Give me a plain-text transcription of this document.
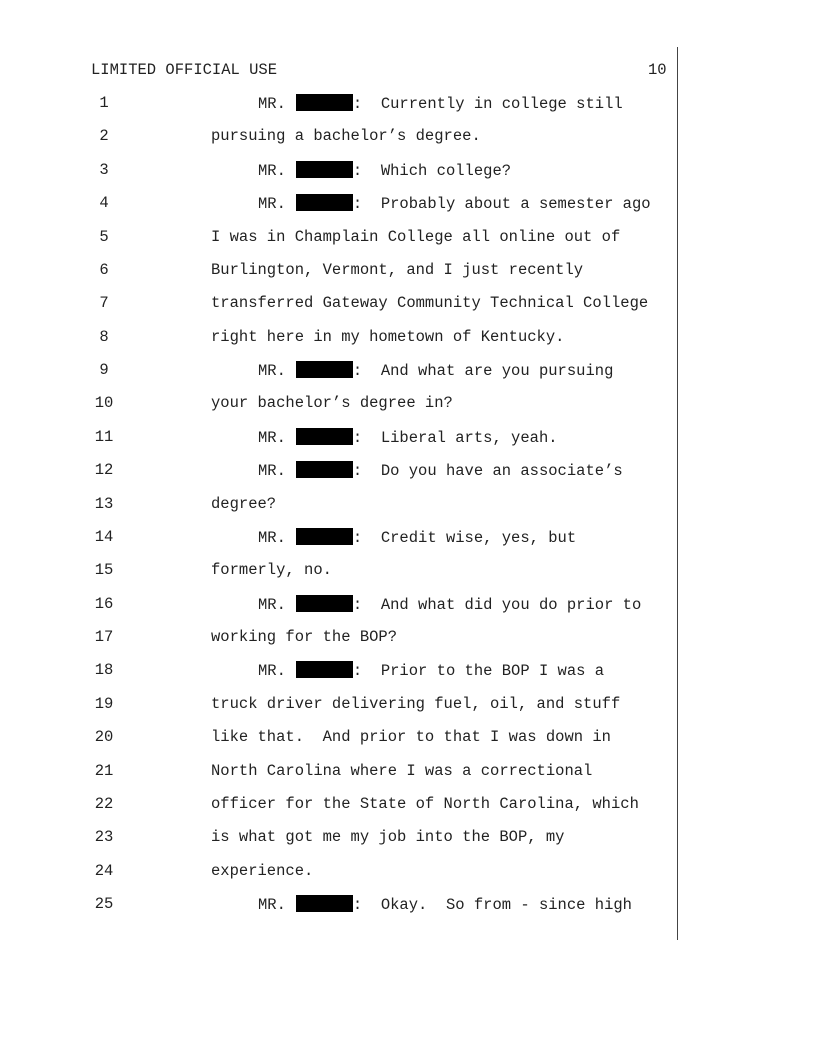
LIMITED OFFICIAL USE	10
1	MR.	: Currently in college still
2	pursuing a bachelor’s degree.
3	MR.	: Which college?
4	MR.	: Probably about a semester ago
5	I was in Champlain College all online out of
6	Burlington, Vermont, and I just recently
7	transferred Gateway Community Technical College
8	right here in my hometown of Kentucky.
9	MR.	: And what are you pursuing
10	your bachelor’s degree in?
11	MR.	: Liberal arts, yeah.
12	MR.	: Do you have an associate’s
13	degree?
14	MR.	: Credit wise, yes, but
15	formerly, no.
16	MR.	: And what did you do prior to
17	working for the BOP?
18	MR.	: Prior to the BOP I was a
19	truck driver delivering fuel, oil, and stuff
20	like that.  And prior to that I was down in
21	North Carolina where I was a correctional
22	officer for the State of North Carolina, which
23	is what got me my job into the BOP, my
24	experience.
25	MR.	: Okay.  So from - since high
